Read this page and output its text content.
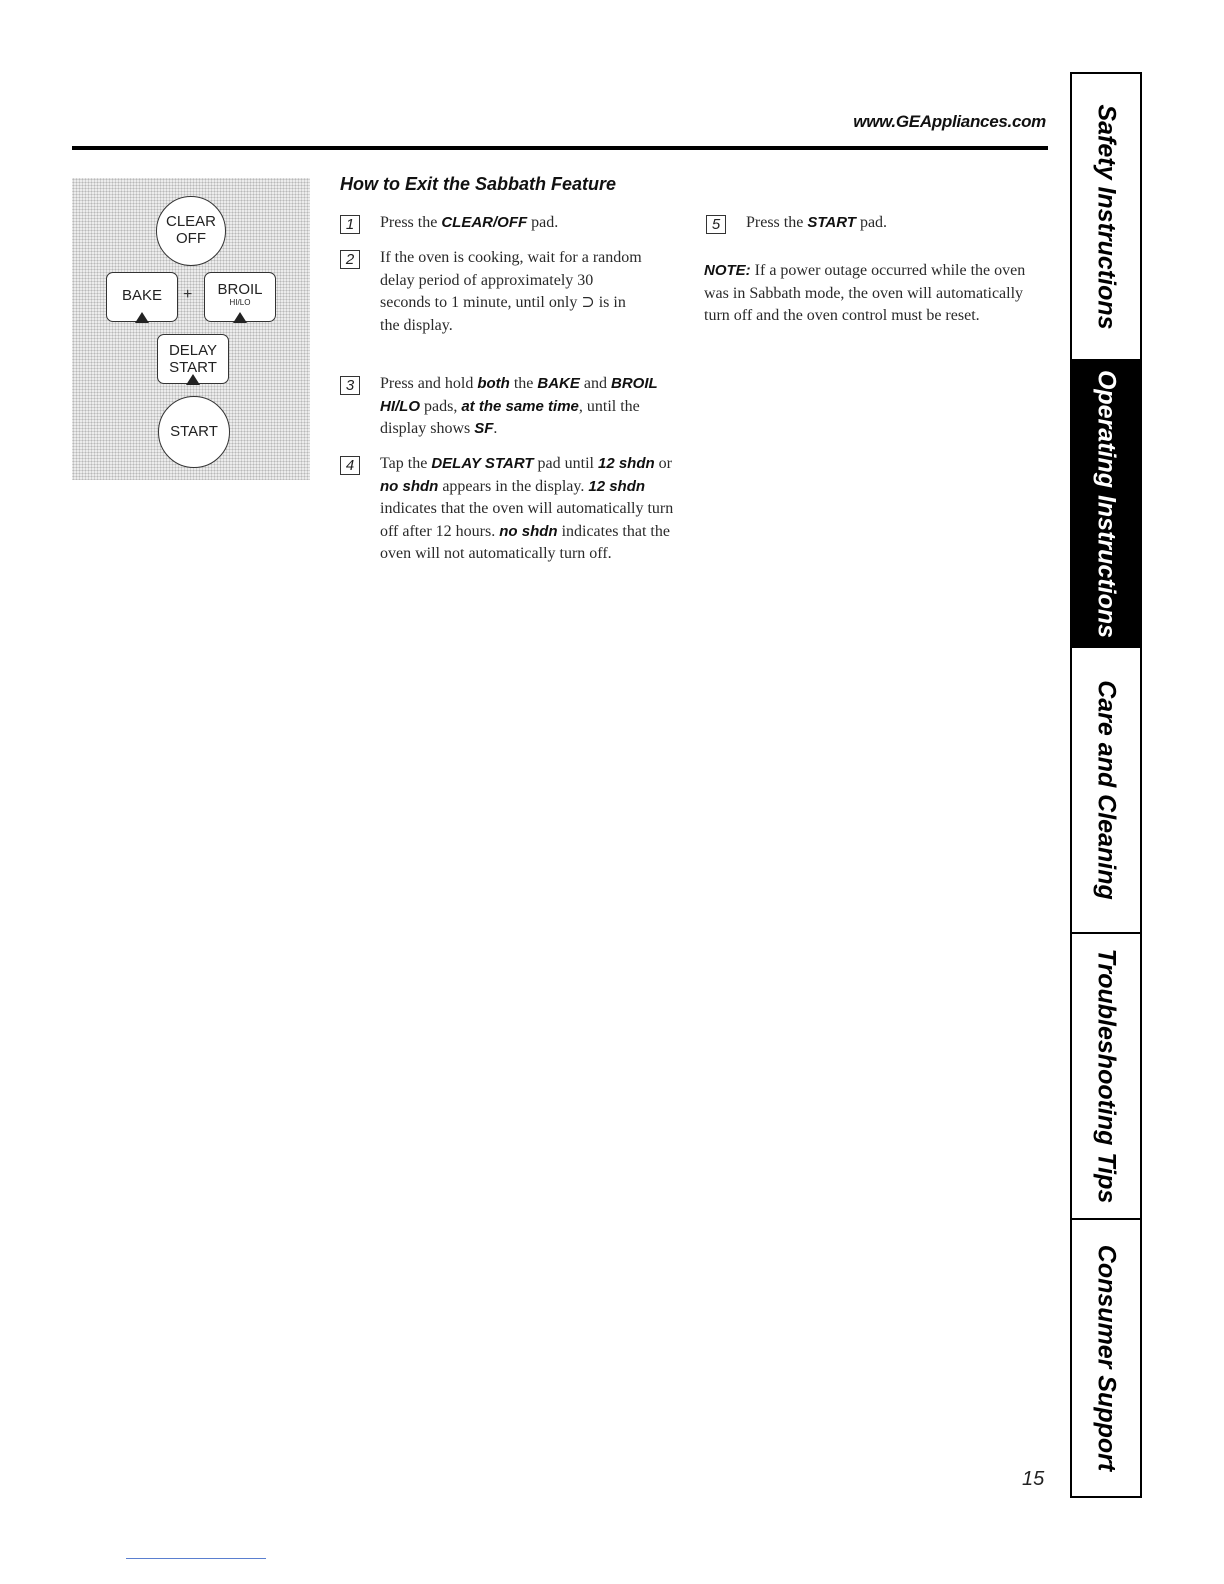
www.GEAppliances.com
CLEAR
OFF
BAKE	+	BROIL
HI/LO
DELAY
START
START
How to Exit the Sabbath Feature
1	Press the CLEAR/OFF pad.
2	If the oven is cooking, wait for a random delay period of approximately 30 seconds to 1 minute, until only ⊃ is in the display.
3	Press and hold both the BAKE and BROIL HI/LO pads, at the same time, until the display shows SF.
4	Tap the DELAY START pad until 12 shdn or no shdn appears in the display. 12 shdn indicates that the oven will automatically turn off after 12 hours. no shdn indicates that the oven will not automatically turn off.
5	Press the START pad.
NOTE: If a power outage occurred while the oven was in Sabbath mode, the oven will automatically turn off and the oven control must be reset.
15
Safety Instructions
Operating Instructions
Care and Cleaning
Troubleshooting Tips
Consumer Support
